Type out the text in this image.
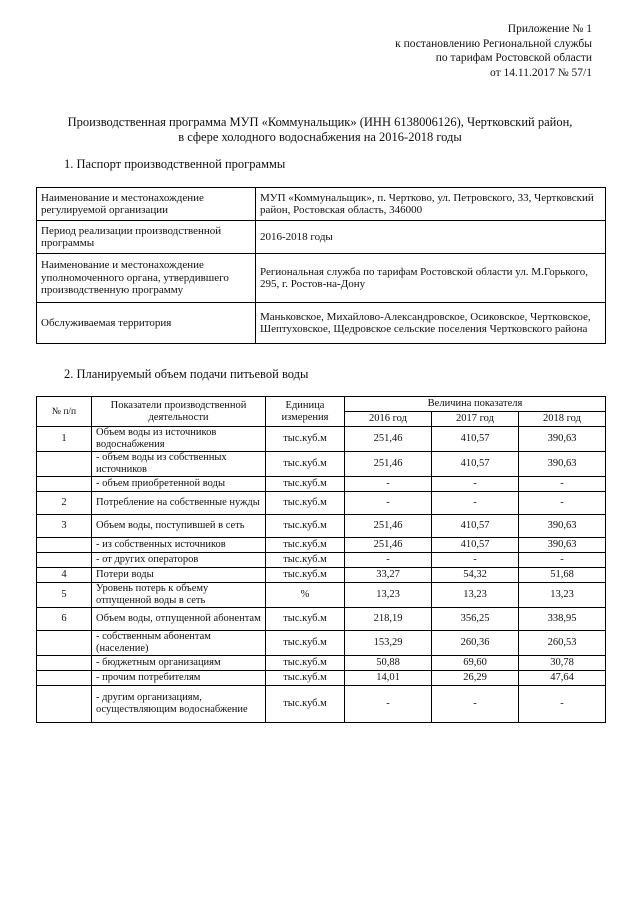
Приложение № 1
к постановлению Региональной службы
по тарифам Ростовской области
от 14.11.2017 № 57/1
Производственная программа МУП «Коммунальщик» (ИНН 6138006126), Чертковский район,
в сфере холодного водоснабжения на 2016-2018 годы
1. Паспорт производственной программы
Наименование и местонахождение регулируемой организации	МУП «Коммунальщик», п. Чертково, ул. Петровского, 33, Чертковский район, Ростовская область, 346000
Период реализации производственной программы	2016-2018 годы
Наименование и местонахождение уполномоченного органа, утвердившего производственную программу	Региональная служба по тарифам Ростовской области ул. М.Горького, 295, г. Ростов-на-Дону
Обслуживаемая территория	Маньковское, Михайлово-Александровское, Осиковское, Чертковское, Шептуховское, Щедровское сельские поселения Чертковского района
2. Планируемый объем подачи питьевой воды
№ п/п	Показатели производственной деятельности	Единица измерения	Величина показателя		
			2016 год	2017 год	2018 год
1	Объем воды из источников водоснабжения	тыс.куб.м	251,46	410,57	390,63
	- объем воды из собственных источников	тыс.куб.м	251,46	410,57	390,63
	- объем приобретенной воды	тыс.куб.м	-	-	-
2	Потребление на собственные нужды	тыс.куб.м	-	-	-
3	Объем воды, поступившей в сеть	тыс.куб.м	251,46	410,57	390,63
	- из собственных источников	тыс.куб.м	251,46	410,57	390,63
	- от других операторов	тыс.куб.м	-	-	-
4	Потери воды	тыс.куб.м	33,27	54,32	51,68
5	Уровень потерь к объему отпущенной воды в сеть	%	13,23	13,23	13,23
6	Объем воды, отпущенной абонентам	тыс.куб.м	218,19	356,25	338,95
	- собственным абонентам (население)	тыс.куб.м	153,29	260,36	260,53
	- бюджетным организациям	тыс.куб.м	50,88	69,60	30,78
	- прочим потребителям	тыс.куб.м	14,01	26,29	47,64
	- другим организациям, осуществляющим водоснабжение	тыс.куб.м	-	-	-
